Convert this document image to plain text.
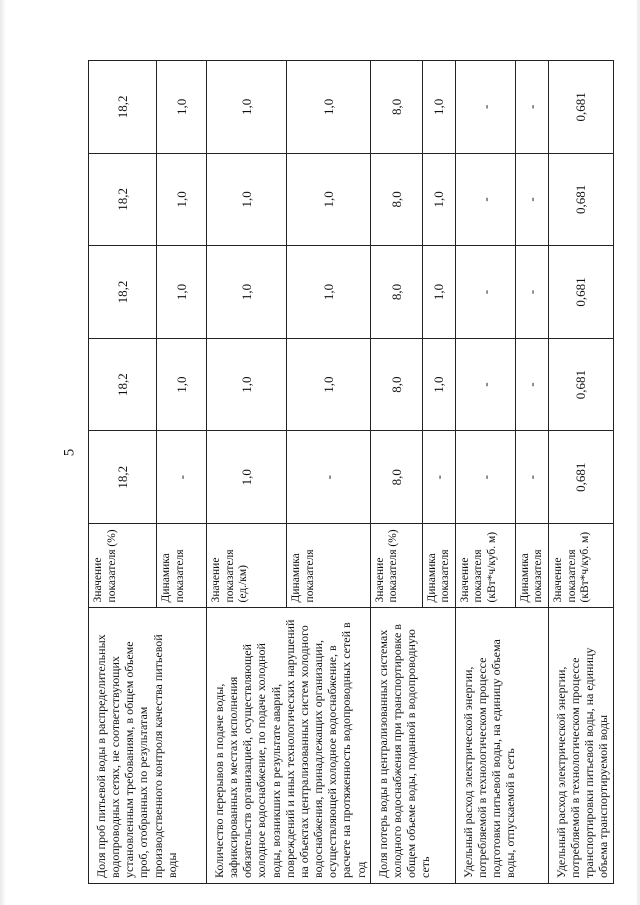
5
Доля проб питьевой воды в распределительных водопроводных сетях, не соответствующих установленным требованиям, в общем объеме проб, отобранных по результатам производственного контроля качества питьевой воды	Значение показателя (%)	18,2	18,2	18,2	18,2	18,2
	Динамика показателя	-	1,0	1,0	1,0	1,0
Количество перерывов в подаче воды, зафиксированных в местах исполнения обязательств организацией, осуществляющей холодное водоснабжение, по подаче холодной воды, возникших в результате аварий, повреждений и иных технологических нарушений на объектах централизованных систем холодного водоснабжения, принадлежащих организации, осуществляющей холодное водоснабжение, в расчете на протяженность водопроводных сетей в год	Значение показателя (ед./км)	1,0	1,0	1,0	1,0	1,0
	Динамика показателя	-	1,0	1,0	1,0	1,0
Доля потерь воды в централизованных системах холодного водоснабжения при транспортировке в общем объеме воды, поданной в водопроводную сеть	Значение показателя (%)	8,0	8,0	8,0	8,0	8,0
	Динамика показателя	-	1,0	1,0	1,0	1,0
Удельный расход электрической энергии, потребляемой в технологическом процессе подготовки питьевой воды, на единицу объема воды, отпускаемой в сеть	Значение показателя (кВт*ч/куб. м)	-	-	-	-	-
	Динамика показателя	-	-	-	-	-
Удельный расход электрической энергии, потребляемой в технологическом процессе транспортировки питьевой воды, на единицу объема транспортируемой воды	Значение показателя (кВт*ч/куб. м)	0,681	0,681	0,681	0,681	0,681
